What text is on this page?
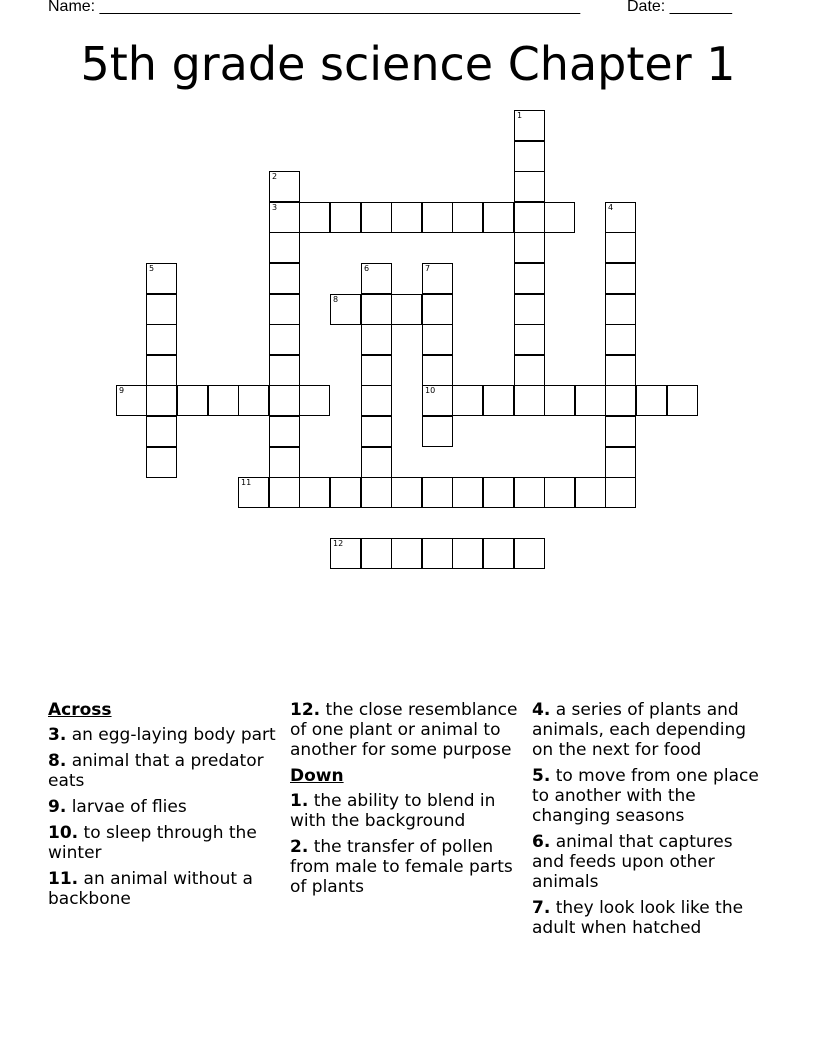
Name: ______________________________________________________	Date: _______
5th grade science Chapter 1
3
8
9	10
11
12
1
2
4
5	6	7
Across
3. an egg-laying body part
8. animal that a predator eats
9. larvae of flies
10. to sleep through the winter
11. an animal without a backbone
12. the close resemblance of one plant or animal to another for some purpose
Down
1. the ability to blend in with the background
2. the transfer of pollen from male to female parts of plants
4. a series of plants and animals, each depending on the next for food
5. to move from one place to another with the changing seasons
6. animal that captures and feeds upon other animals
7. they look look like the adult when hatched
